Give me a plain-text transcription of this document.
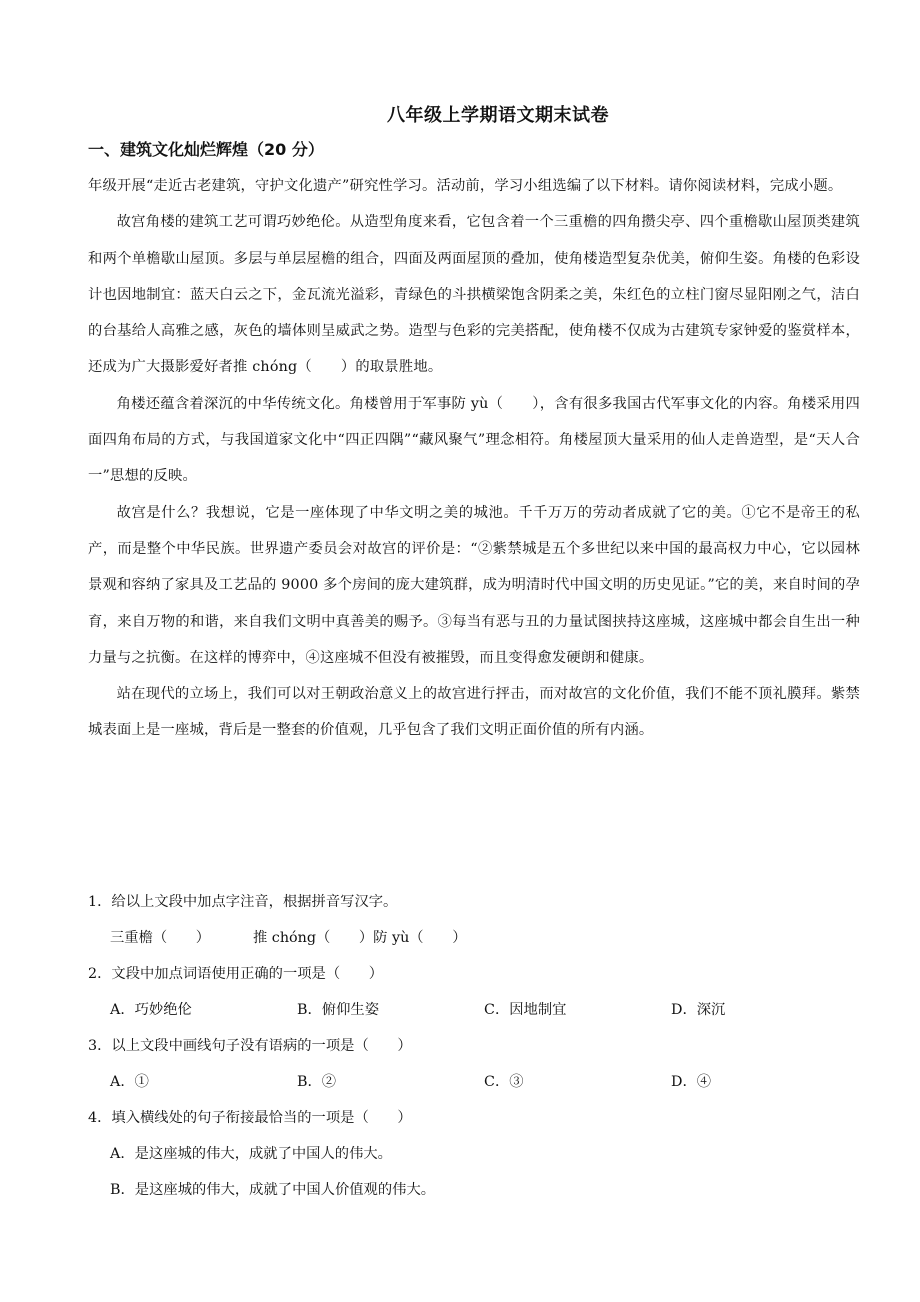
八年级上学期语文期末试卷
一、建筑文化灿烂辉煌（20 分）

年级开展“走近古老建筑，守护文化遗产”研究性学习。活动前，学习小组选编了以下材料。请你阅读材料，完成小题。

故宫角楼的建筑工艺可谓巧妙绝伦。从造型角度来看，它包含着一个三重檐的四角攒尖亭、四个重檐歇山屋顶类建筑和两个单檐歇山屋顶。多层与单层屋檐的组合，四面及两面屋顶的叠加，使角楼造型复杂优美，俯仰生姿。角楼的色彩设计也因地制宜：蓝天白云之下，金瓦流光溢彩，青绿色的斗拱横梁饱含阴柔之美，朱红色的立柱门窗尽显阳刚之气，洁白的台基给人高雅之感，灰色的墙体则呈威武之势。造型与色彩的完美搭配，使角楼不仅成为古建筑专家钟爱的鉴赏样本，还成为广大摄影爱好者推 chóng（　　）的取景胜地。

角楼还蕴含着深沉的中华传统文化。角楼曾用于军事防 yù（　　），含有很多我国古代军事文化的内容。角楼采用四面四角布局的方式，与我国道家文化中“四正四隅”“藏风聚气”理念相符。角楼屋顶大量采用的仙人走兽造型，是“天人合一”思想的反映。

故宫是什么？我想说，它是一座体现了中华文明之美的城池。千千万万的劳动者成就了它的美。①它不是帝王的私产，而是整个中华民族。世界遗产委员会对故宫的评价是：“②紫禁城是五个多世纪以来中国的最高权力中心，它以园林景观和容纳了家具及工艺品的 9000 多个房间的庞大建筑群，成为明清时代中国文明的历史见证。”它的美，来自时间的孕育，来自万物的和谐，来自我们文明中真善美的赐予。③每当有恶与丑的力量试图挟持这座城，这座城中都会自生出一种力量与之抗衡。在这样的博弈中，④这座城不但没有被摧毁，而且变得愈发硬朗和健康。

站在现代的立场上，我们可以对王朝政治意义上的故宫进行抨击，而对故宫的文化价值，我们不能不顶礼膜拜。紫禁城表面上是一座城，背后是一整套的价值观，几乎包含了我们文明正面价值的所有内涵。

1．给以上文段中加点字注音，根据拼音写汉字。
三重檐（　　）	推 chóng（　　）防 yù（　　）
2．文段中加点词语使用正确的一项是（　　）
A．巧妙绝伦	B．俯仰生姿	C．因地制宜	D．深沉
3．以上文段中画线句子没有语病的一项是（　　）
A．①	B．②	C．③	D．④
4．填入横线处的句子衔接最恰当的一项是（　　）
A．是这座城的伟大，成就了中国人的伟大。
B．是这座城的伟大，成就了中国人价值观的伟大。
